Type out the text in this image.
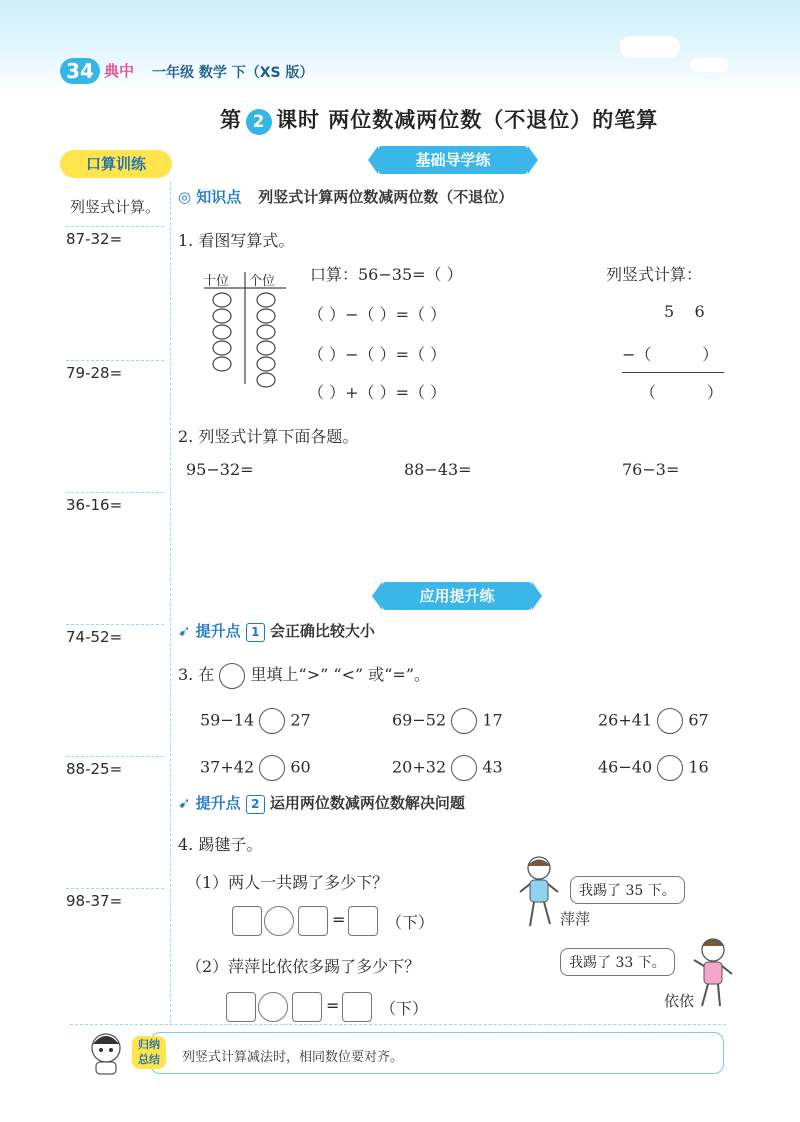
34 典中 一年级 数学 下（XS 版）
第 2 课时 两位数减两位数（不退位）的笔算
口算训练
列竖式计算。
87-32=
79-28=
36-16=
74-52=
88-25=
98-37=
基础导学练
◎ 知识点 列竖式计算两位数减两位数（不退位）
1. 看图写算式。
十位 个位 口算：56−35=（ ）
（ ）−（ ）=（ ）
（ ）−（ ）=（ ）
（ ）+（ ）=（ ）
列竖式计算：
5    6
−（          ）
（          ）
2. 列竖式计算下面各题。
95−32=	88−43=	76−3=
应用提升练
➹ 提升点 1 会正确比较大小
3. 在 里填上“>” “<” 或“=”。
59−14 27	69−52 17	26+41 67
37+42 60	20+32 43	46−40 16
➹ 提升点 2 运用两位数减两位数解决问题
4. 踢毽子。
（1）两人一共踢了多少下？
=	（下）
（2）萍萍比依依多踢了多少下？
=	（下）
我踢了 35 下。
萍萍
我踢了 33 下。
依依
归纳
总结	列竖式计算减法时，相同数位要对齐。
